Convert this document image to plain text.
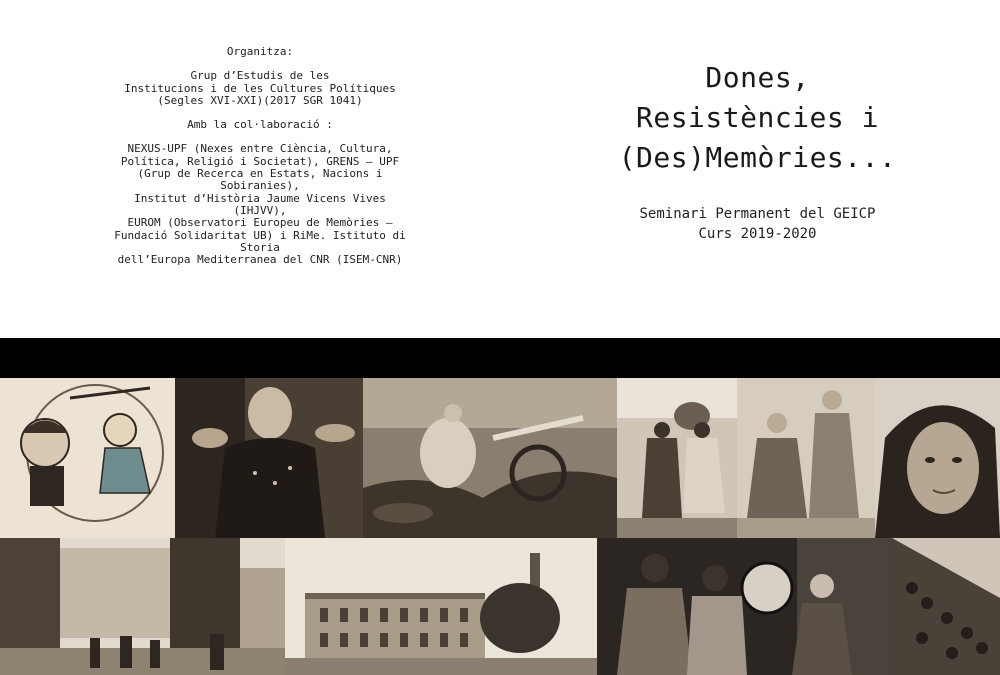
Organitza:

Grup d’Estudis de les
Institucions i de les Cultures Polítiques
(Segles XVI-XXI)(2017 SGR 1041)

Amb la col·laboració :

NEXUS-UPF (Nexes entre Ciència, Cultura,
Política, Religió i Societat), GRENS — UPF
(Grup de Recerca en Estats, Nacions i Sobiranies),
Institut d’Història Jaume Vicens Vives (IHJVV),
EUROM (Observatori Europeu de Memòries —
Fundació Solidaritat UB) i RiMe. Istituto di Storia
dell’Europa Mediterranea del CNR (ISEM-CNR)

Dones,
Resistències i
(Des)Memòries...

Seminari Permanent del GEICP

Curs 2019-2020
